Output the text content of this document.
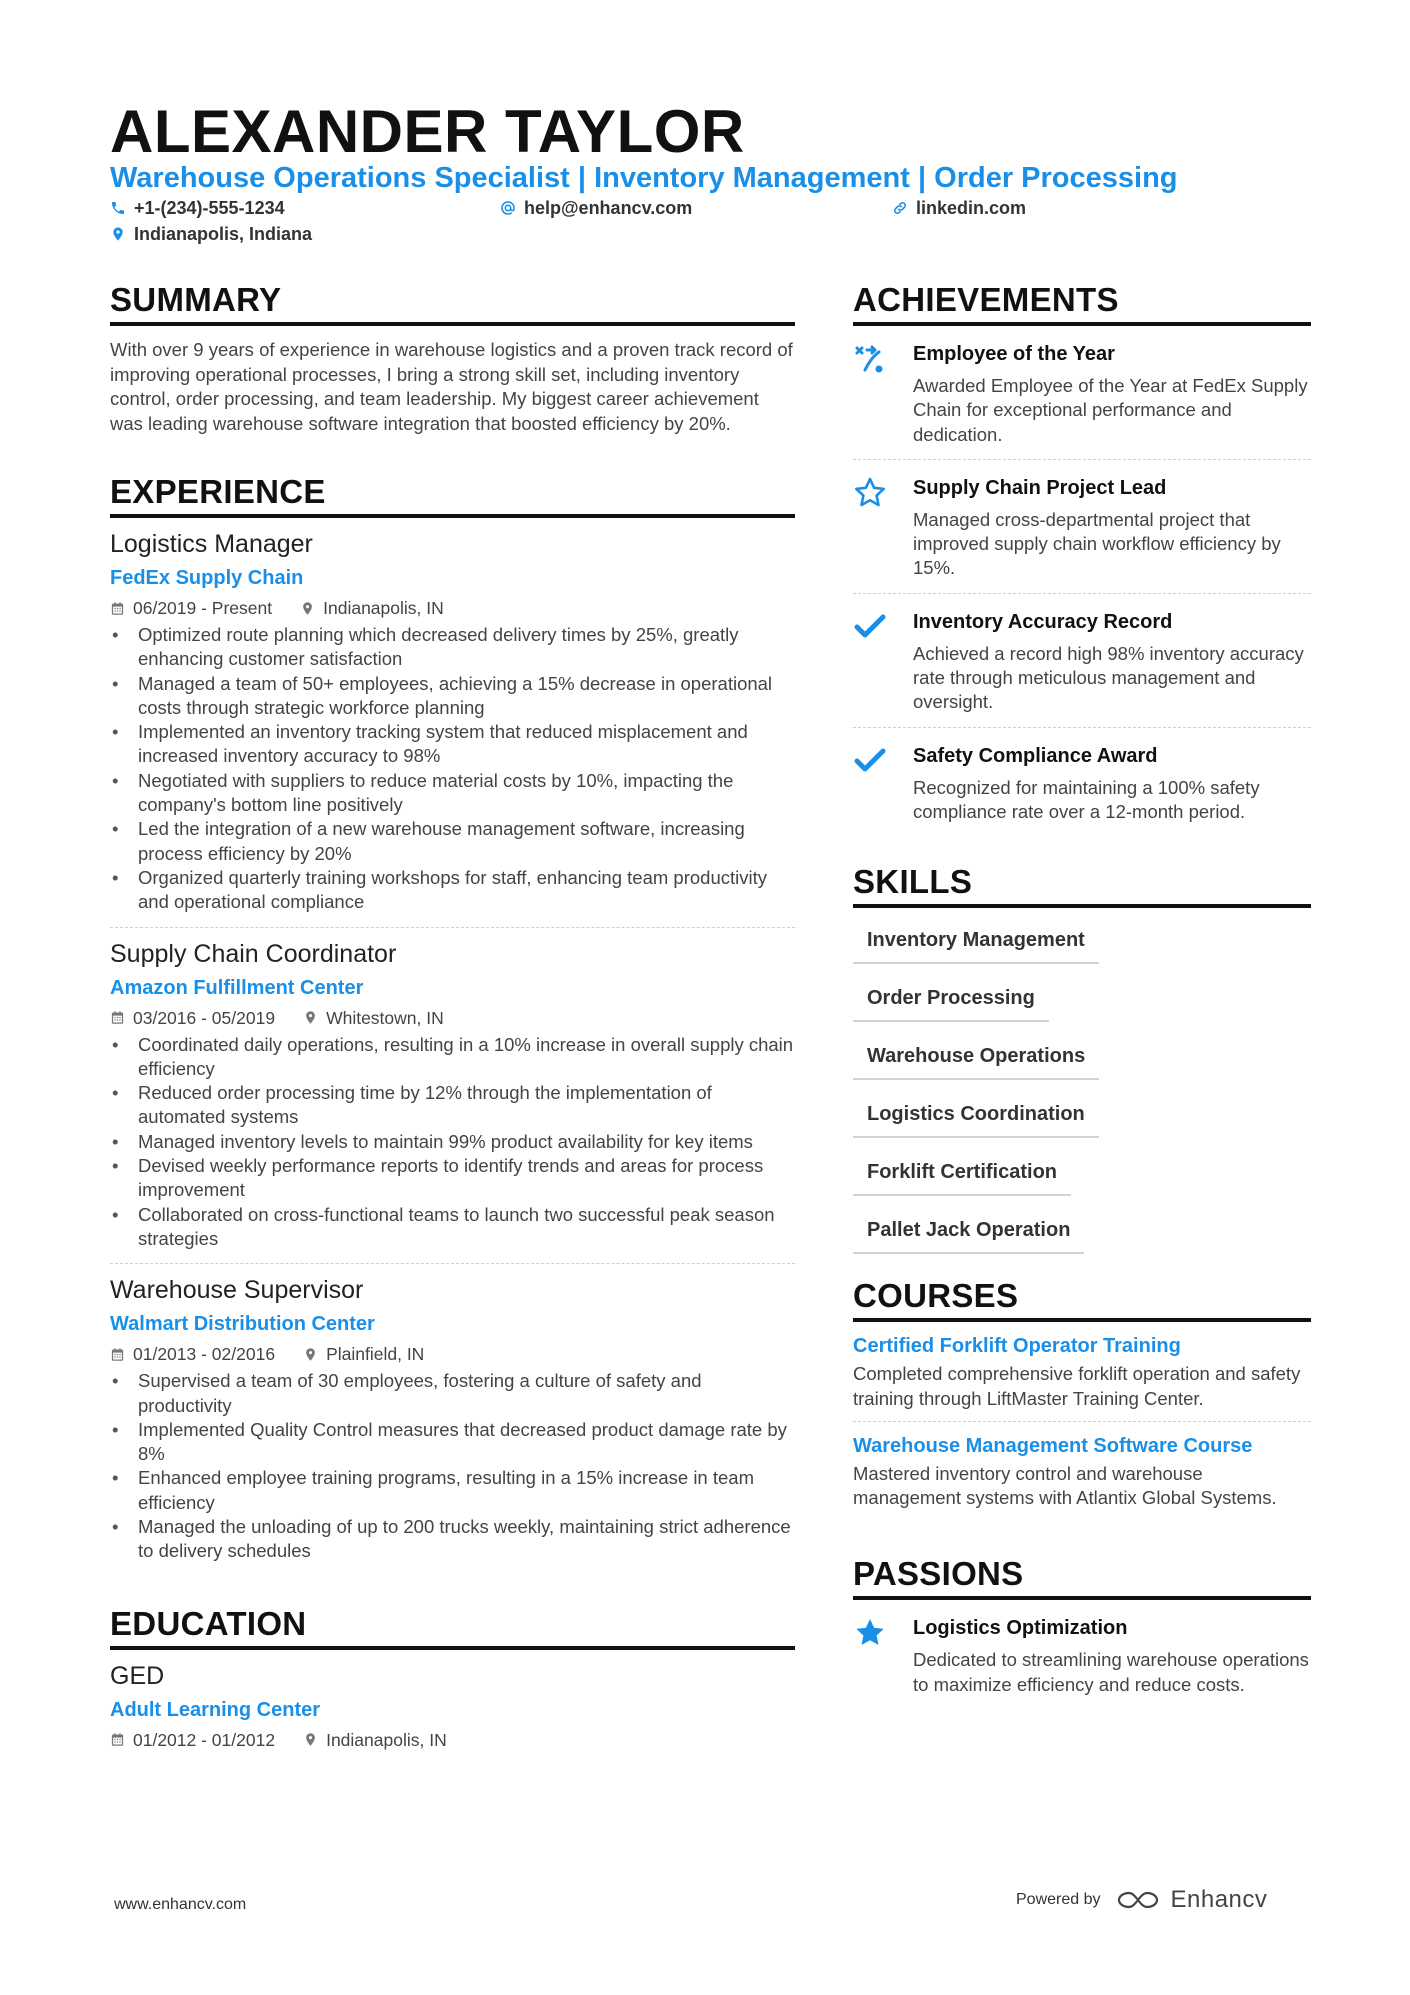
ALEXANDER TAYLOR
Warehouse Operations Specialist | Inventory Management | Order Processing
+1-(234)-555-1234	help@enhancv.com	linkedin.com
Indianapolis, Indiana
SUMMARY
With over 9 years of experience in warehouse logistics and a proven track record of improving operational processes, I bring a strong skill set, including inventory control, order processing, and team leadership. My biggest career achievement was leading warehouse software integration that boosted efficiency by 20%.
EXPERIENCE
Logistics Manager
FedEx Supply Chain
06/2019 - Present	Indianapolis, IN
• Optimized route planning which decreased delivery times by 25%, greatly enhancing customer satisfaction
• Managed a team of 50+ employees, achieving a 15% decrease in operational costs through strategic workforce planning
• Implemented an inventory tracking system that reduced misplacement and increased inventory accuracy to 98%
• Negotiated with suppliers to reduce material costs by 10%, impacting the company's bottom line positively
• Led the integration of a new warehouse management software, increasing process efficiency by 20%
• Organized quarterly training workshops for staff, enhancing team productivity and operational compliance
Supply Chain Coordinator
Amazon Fulfillment Center
03/2016 - 05/2019	Whitestown, IN
• Coordinated daily operations, resulting in a 10% increase in overall supply chain efficiency
• Reduced order processing time by 12% through the implementation of automated systems
• Managed inventory levels to maintain 99% product availability for key items
• Devised weekly performance reports to identify trends and areas for process improvement
• Collaborated on cross-functional teams to launch two successful peak season strategies
Warehouse Supervisor
Walmart Distribution Center
01/2013 - 02/2016	Plainfield, IN
• Supervised a team of 30 employees, fostering a culture of safety and productivity
• Implemented Quality Control measures that decreased product damage rate by 8%
• Enhanced employee training programs, resulting in a 15% increase in team efficiency
• Managed the unloading of up to 200 trucks weekly, maintaining strict adherence to delivery schedules
EDUCATION
GED
Adult Learning Center
01/2012 - 01/2012	Indianapolis, IN
ACHIEVEMENTS
Employee of the Year
Awarded Employee of the Year at FedEx Supply Chain for exceptional performance and dedication.
Supply Chain Project Lead
Managed cross-departmental project that improved supply chain workflow efficiency by 15%.
Inventory Accuracy Record
Achieved a record high 98% inventory accuracy rate through meticulous management and oversight.
Safety Compliance Award
Recognized for maintaining a 100% safety compliance rate over a 12-month period.
SKILLS
Inventory Management
Order Processing
Warehouse Operations
Logistics Coordination
Forklift Certification
Pallet Jack Operation
COURSES
Certified Forklift Operator Training
Completed comprehensive forklift operation and safety training through LiftMaster Training Center.
Warehouse Management Software Course
Mastered inventory control and warehouse management systems with Atlantix Global Systems.
PASSIONS
Logistics Optimization
Dedicated to streamlining warehouse operations to maximize efficiency and reduce costs.
www.enhancv.com	Powered by	Enhancv
